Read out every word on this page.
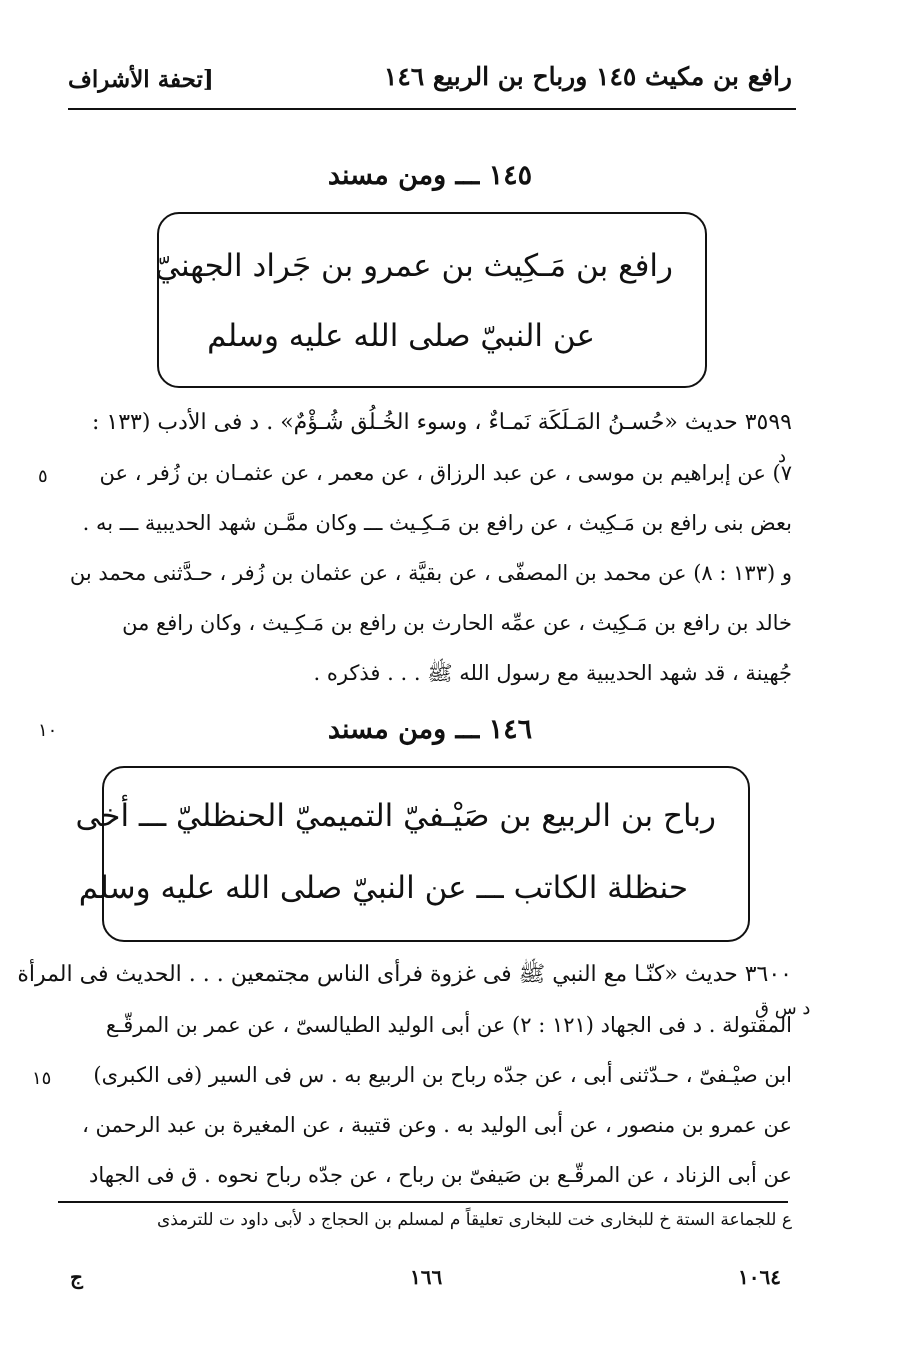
رافع بن مكيث ١٤٥ ورباح بن الربيع ١٤٦
[تحفة الأشراف
١٤٥ ـــ ومن مسند
رافع بن مَـكِيث بن عمرو بن جَراد الجهنيّ
عن النبيّ صلى الله عليه وسلم
٣٥٩٩ حديث «حُسـنُ المَـلَكَة نَمـاءٌ ، وسوء الخُـلُق شُـؤْمٌ» . د فى الأدب (١٣٣ :
٧) عن إبراهيم بن موسى ، عن عبد الرزاق ، عن معمر ، عن عثمـان بن زُفر ، عن
بعض بنى رافع بن مَـكِيث ، عن رافع بن مَـكِـيث ـــ وكان ممَّـن شهد الحديبية ـــ به .
و (١٣٣ : ٨) عن محمد بن المصفّى ، عن بقيَّة ، عن عثمان بن زُفر ، حـدَّثنى محمد بن
خالد بن رافع بن مَـكِيث ، عن عمِّه الحارث بن رافع بن مَـكِـيث ، وكان رافع من
جُهينة ، قد شهد الحديبية مع رسول الله ﷺ . . . فذكره .
د
٥
١٤٦ ـــ ومن مسند
١٠
رباح بن الربيع بن صَيْـفيّ التميميّ الحنظليّ ـــ أخى
حنظلة الكاتب ـــ عن النبيّ صلى الله عليه وسلم
٣٦٠٠ حديث «كنّـا مع النبي ﷺ فى غزوة فرأى الناس مجتمعين . . . الحديث فى المرأة
المقتولة . د فى الجهاد (١٢١ : ٢) عن أبى الوليد الطيالسىّ ، عن عمر بن المرقّـع
ابن صيْـفىّ ، حـدّثنى أبى ، عن جدّه رباح بن الربيع به . س فى السير (فى الكبرى)
عن عمرو بن منصور ، عن أبى الوليد به . وعن قتيبة ، عن المغيرة بن عبد الرحمن ،
عن أبى الزناد ، عن المرقّـع بن صَيفىّ بن رباح ، عن جدّه رباح نحوه . ق فى الجهاد
د س ق
١٥
ع للجماعة الستة خ للبخارى خت للبخارى تعليقاً م لمسلم بن الحجاج د لأبى داود ت للترمذى
ج	١٦٦	١٠٦٤
